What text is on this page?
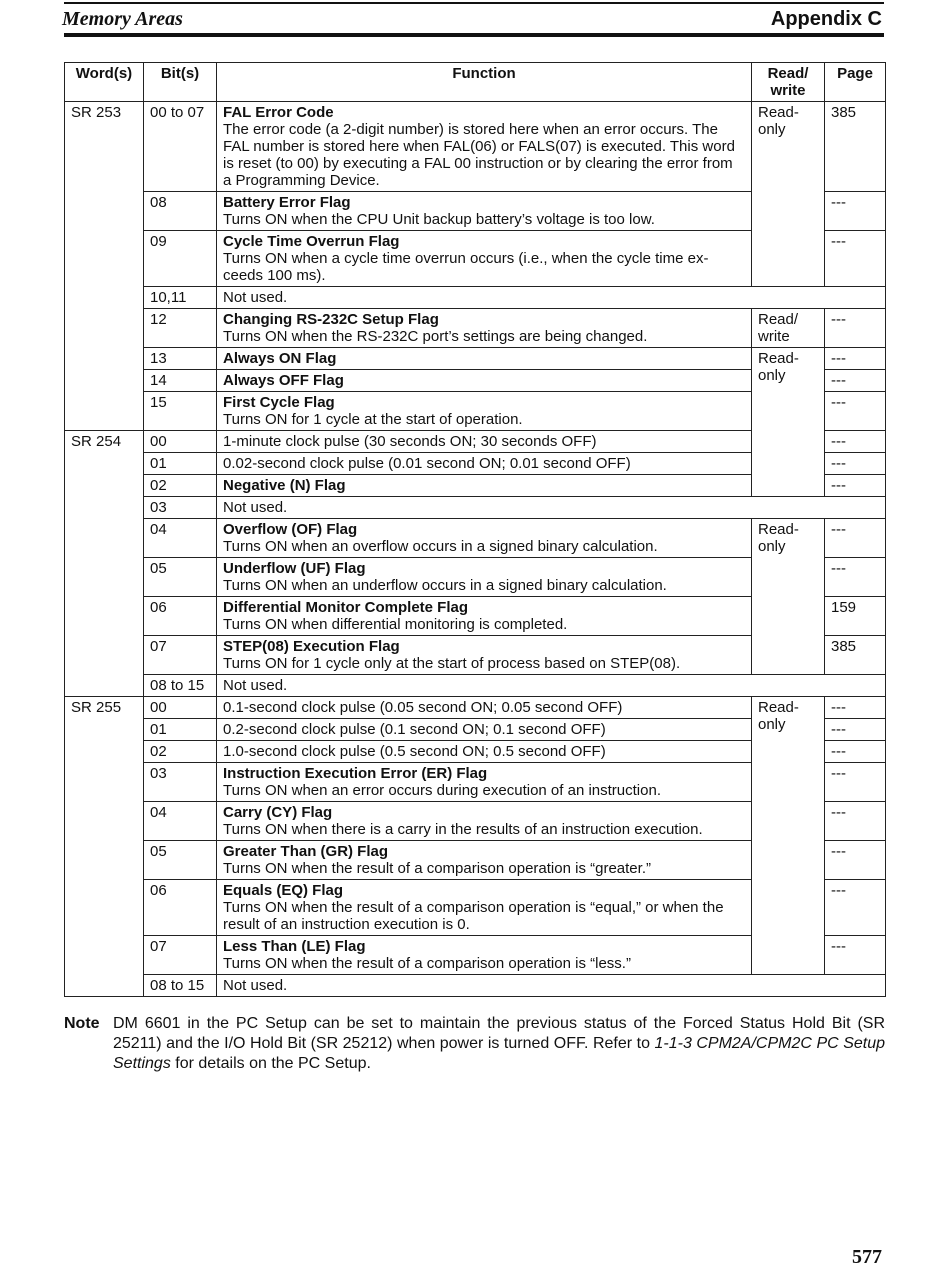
Memory Areas	Appendix C
Word(s)	Bit(s)	Function	Read/ write	Page
SR 253	00 to 07	FAL Error Code
The error code (a 2-digit number) is stored here when an error occurs. The FAL number is stored here when FAL(06) or FALS(07) is executed. This word is reset (to 00) by executing a FAL 00 instruction or by clearing the error from a Programming Device.	Read- only	385
	08	Battery Error Flag
Turns ON when the CPU Unit backup battery’s voltage is too low.		---
	09	Cycle Time Overrun Flag
Turns ON when a cycle time overrun occurs (i.e., when the cycle time ex-ceeds 100 ms).		---
	10,11	Not used.		
	12	Changing RS-232C Setup Flag
Turns ON when the RS-232C port’s settings are being changed.	Read/ write	---
	13	Always ON Flag	Read- only	---
	14	Always OFF Flag		---
	15	First Cycle Flag
Turns ON for 1 cycle at the start of operation.		---
SR 254	00	1-minute clock pulse (30 seconds ON; 30 seconds OFF)		---
	01	0.02-second clock pulse (0.01 second ON; 0.01 second OFF)		---
	02	Negative (N) Flag		---
	03	Not used.		
	04	Overflow (OF) Flag
Turns ON when an overflow occurs in a signed binary calculation.	Read- only	---
	05	Underflow (UF) Flag
Turns ON when an underflow occurs in a signed binary calculation.		---
	06	Differential Monitor Complete Flag
Turns ON when differential monitoring is completed.		159
	07	STEP(08) Execution Flag
Turns ON for 1 cycle only at the start of process based on STEP(08).		385
	08 to 15	Not used.		
SR 255	00	0.1-second clock pulse (0.05 second ON; 0.05 second OFF)	Read- only	---
	01	0.2-second clock pulse (0.1 second ON; 0.1 second OFF)		---
	02	1.0-second clock pulse (0.5 second ON; 0.5 second OFF)		---
	03	Instruction Execution Error (ER) Flag
Turns ON when an error occurs during execution of an instruction.		---
	04	Carry (CY) Flag
Turns ON when there is a carry in the results of an instruction execution.		---
	05	Greater Than (GR) Flag
Turns ON when the result of a comparison operation is “greater.”		---
	06	Equals (EQ) Flag
Turns ON when the result of a comparison operation is “equal,” or when the result of an instruction execution is 0.		---
	07	Less Than (LE) Flag
Turns ON when the result of a comparison operation is “less.”		---
	08 to 15	Not used.		
Note DM 6601 in the PC Setup can be set to maintain the previous status of the Forced Status Hold Bit (SR 25211) and the I/O Hold Bit (SR 25212) when power is turned OFF. Refer to 1-1-3 CPM2A/CPM2C PC Setup Settings for details on the PC Setup.
577
